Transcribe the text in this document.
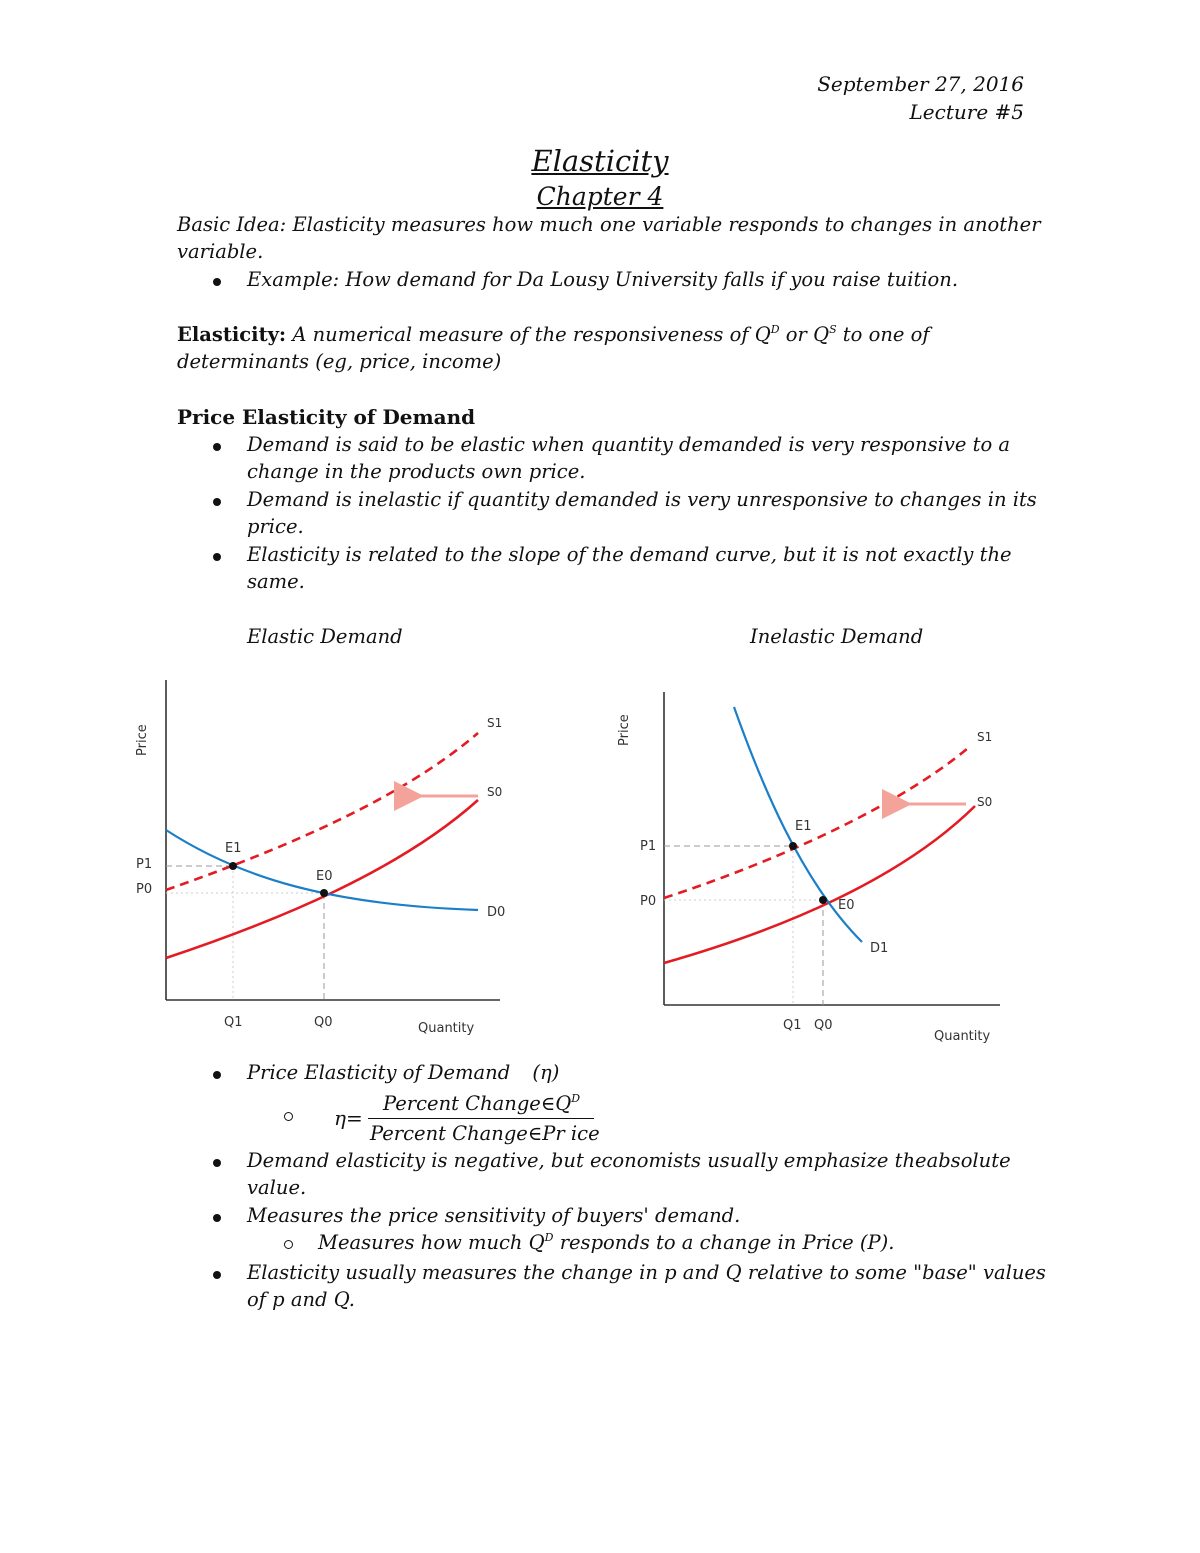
September 27, 2016
Lecture #5
Elasticity
Chapter 4
Basic Idea: Elasticity measures how much one variable responds to changes in another
variable.
Example: How demand for Da Lousy University falls if you raise tuition.
Elasticity: A numerical measure of the responsiveness of $Q^D$ or $Q^S$ to one of
determinants (eg, price, income)
Price Elasticity of Demand
Demand is said to be elastic when quantity demanded is very responsive to a
change in the products own price.
Demand is inelastic if quantity demanded is very unresponsive to changes in its
price.
Elasticity is related to the slope of the demand curve, but it is not exactly the
same.
Elastic Demand	Inelastic Demand
Price
Quantity
E1
E0
S1
S0
D0
P1
P0
Q1	Q0
Price
Quantity
E1
E0
S1
S0
D1
P1
P0
Q1 Q0
Price Elasticity of Demand (η)
η=
Percent $Change\in Q^D$
Percent Change∈Pr ice
Demand elasticity is negative, but economists usually emphasize theabsolute
value.
Measures the price sensitivity of buyers' demand.
Measures how much $Q^D$ responds to a change in Price (P).
Elasticity usually measures the change in p and Q relative to some "base" values
of p and Q.
